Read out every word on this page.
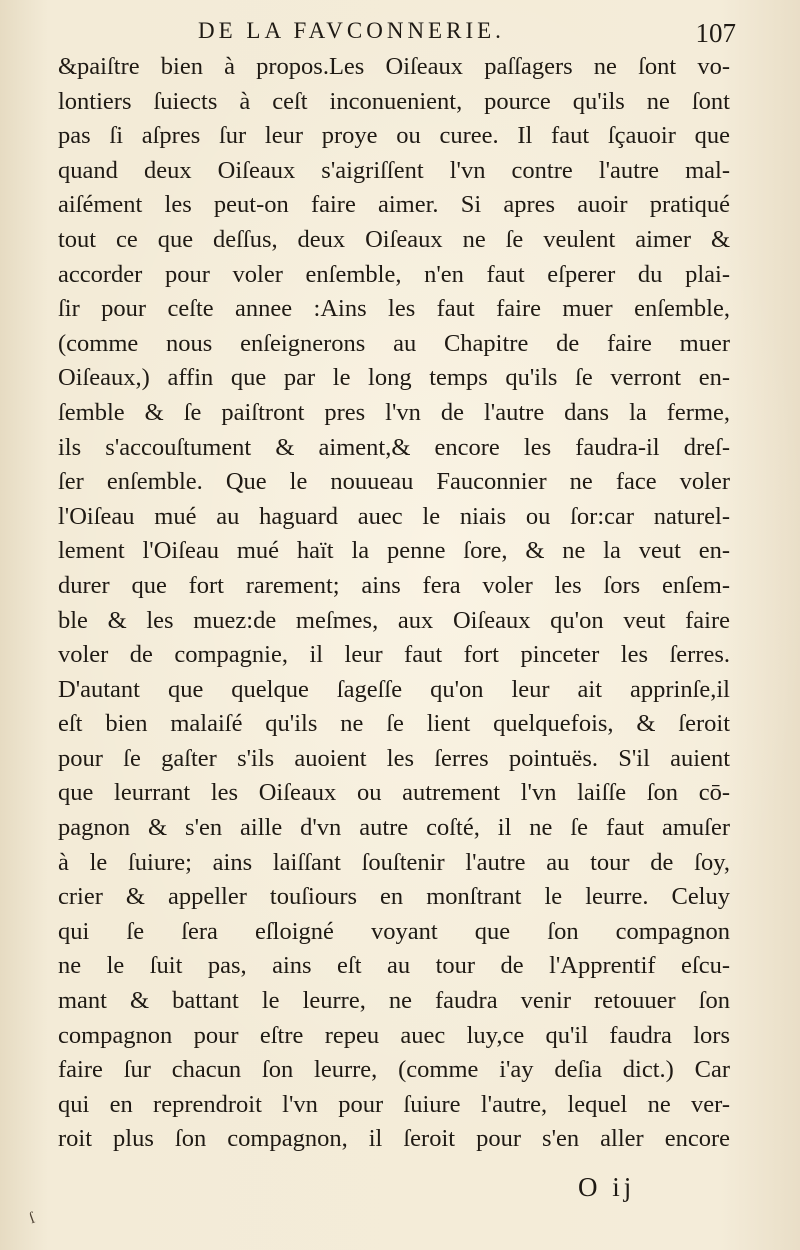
DE LA FAVCONNERIE.	107
&paiſtre bien à propos.Les Oiſeaux paſſagers ne ſont vo-
lontiers ſuiects à ceſt inconuenient, pource qu'ils ne ſont
pas ſi aſpres ſur leur proye ou curee. Il faut ſçauoir que
quand deux Oiſeaux s'aigriſſent l'vn contre l'autre mal-
aiſément les peut-on faire aimer. Si apres auoir pratiqué
tout ce que deſſus, deux Oiſeaux ne ſe veulent aimer &
accorder pour voler enſemble, n'en faut eſperer du plai-
ſir pour ceſte annee :Ains les faut faire muer enſemble,
(comme nous enſeignerons au Chapitre de faire muer
Oiſeaux,) affin que par le long temps qu'ils ſe verront en-
ſemble & ſe paiſtront pres l'vn de l'autre dans la ferme,
ils s'accouſtument & aiment,& encore les faudra-il dreſ-
ſer enſemble. Que le nouueau Fauconnier ne face voler
l'Oiſeau mué au haguard auec le niais ou ſor:car naturel-
lement l'Oiſeau mué haït la penne ſore, & ne la veut en-
durer que fort rarement; ains fera voler les ſors enſem-
ble & les muez:de meſmes, aux Oiſeaux qu'on veut faire
voler de compagnie, il leur faut fort pinceter les ſerres.
D'autant que quelque ſageſſe qu'on leur ait apprinſe,il
eſt bien malaiſé qu'ils ne ſe lient quelquefois, & ſeroit
pour ſe gaſter s'ils auoient les ſerres pointuës. S'il auient
que leurrant les Oiſeaux ou autrement l'vn laiſſe ſon cō-
pagnon & s'en aille d'vn autre coſté, il ne ſe faut amuſer
à le ſuiure; ains laiſſant ſouſtenir l'autre au tour de ſoy,
crier & appeller touſiours en monſtrant le leurre. Celuy
qui ſe ſera eſloigné voyant que ſon compagnon
ne le ſuit pas, ains eſt au tour de l'Apprentif eſcu-
mant & battant le leurre, ne faudra venir retouuer ſon
compagnon pour eſtre repeu auec luy,ce qu'il faudra lors
faire ſur chacun ſon leurre, (comme i'ay deſia dict.) Car
qui en reprendroit l'vn pour ſuiure l'autre, lequel ne ver-
roit plus ſon compagnon, il ſeroit pour s'en aller encore
O ij
ſ
